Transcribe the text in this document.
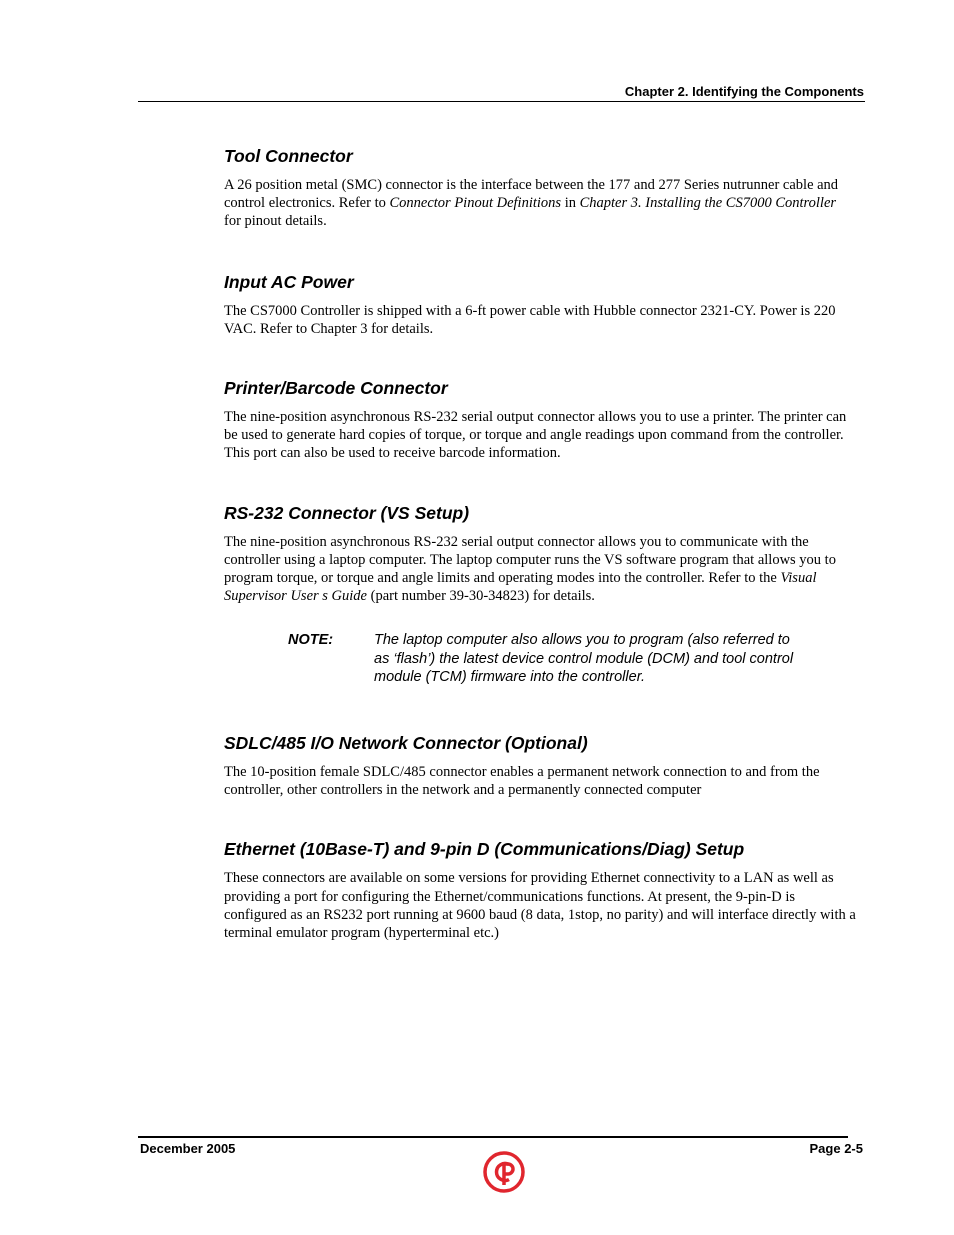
Chapter 2. Identifying the Components
Tool Connector

A 26 position metal (SMC) connector is the interface between the 177 and 277 Series nutrunner cable and control electronics. Refer to Connector Pinout Definitions in Chapter 3. Installing the CS7000 Controller for pinout details.

Input AC Power

The CS7000 Controller is shipped with a 6-ft power cable with Hubble connector 2321-CY. Power is 220 VAC. Refer to Chapter 3 for details.

Printer/Barcode Connector

The nine-position asynchronous RS-232 serial output connector allows you to use a printer. The printer can be used to generate hard copies of torque, or torque and angle readings upon command from the controller. This port can also be used to receive barcode information.

RS-232 Connector (VS Setup)

The nine-position asynchronous RS-232 serial output connector allows you to communicate with the controller using a laptop computer. The laptop computer runs the VS software program that allows you to program torque, or torque and angle limits and operating modes into the controller. Refer to the Visual Supervisor User s Guide (part number 39-30-34823) for details.

NOTE:	The laptop computer also allows you to program (also referred to as ‘flash’) the latest device control module (DCM) and tool control module (TCM) firmware into the controller.
SDLC/485 I/O Network Connector (Optional)

The 10-position female SDLC/485 connector enables a permanent network connection to and from the controller, other controllers in the network and a permanently connected computer

Ethernet (10Base-T) and 9-pin D (Communications/Diag) Setup

These connectors are available on some versions for providing Ethernet connectivity to a LAN as well as providing a port for configuring the Ethernet/communications functions. At present, the 9-pin-D is configured as an RS232 port running at 9600 baud (8 data, 1stop, no parity) and will interface directly with a terminal emulator program (hyperterminal etc.)

December 2005	Page 2-5
